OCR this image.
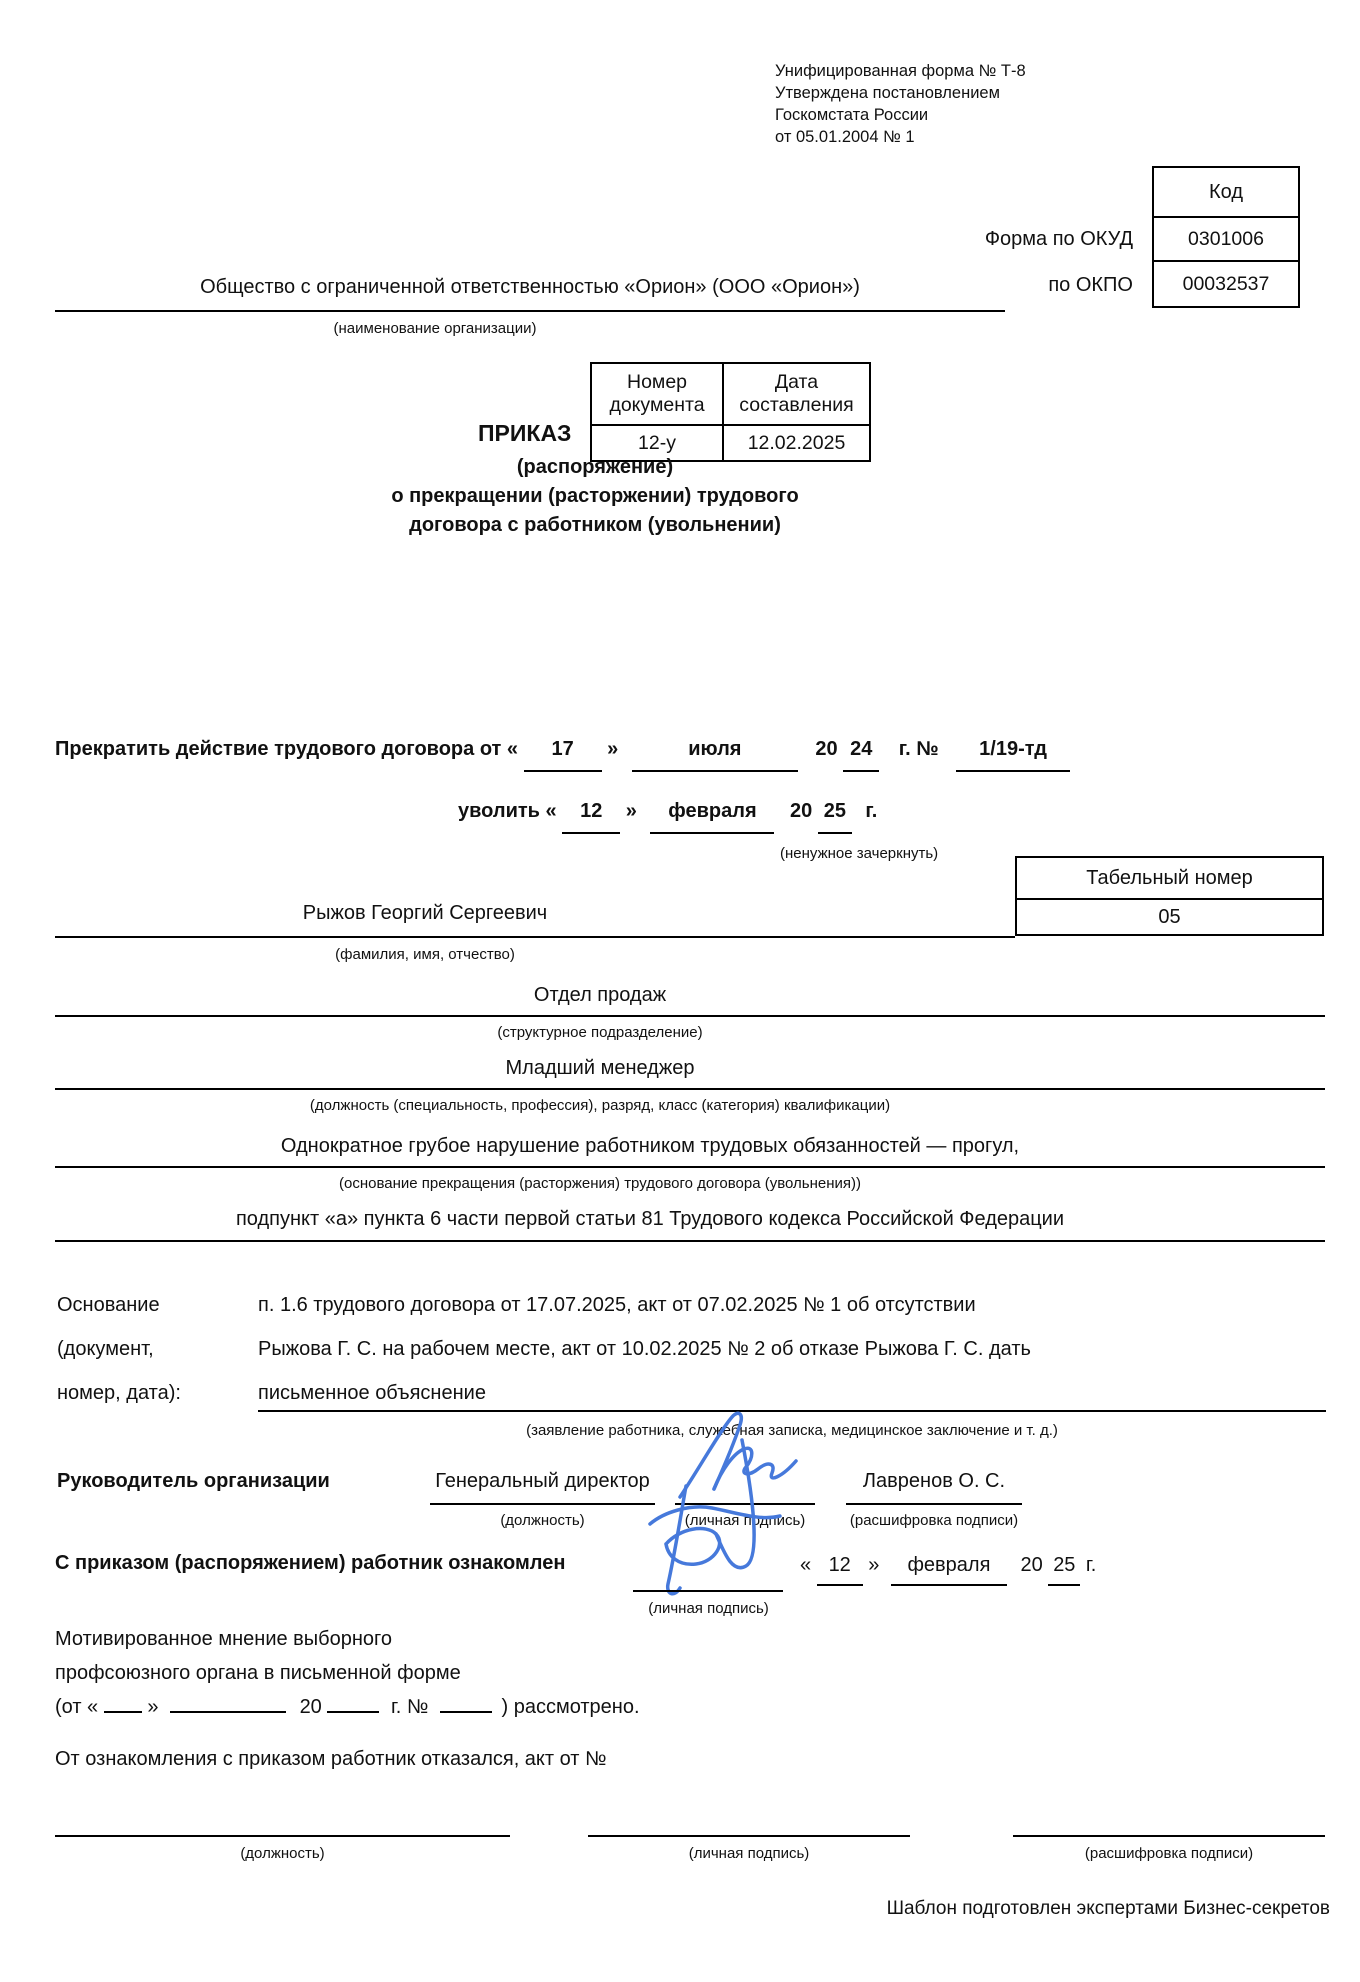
Унифицированная форма № Т-8
Утверждена постановлением
Госкомстата России
от 05.01.2004 № 1
Код
0301006
00032537
Форма по ОКУД
по ОКПО
Общество с ограниченной ответственностью «Орион» (ООО «Орион»)
(наименование организации)
ПРИКАЗ
Номер документа	Дата составления
12-у	12.02.2025
(распоряжение)
о прекращении (расторжении) трудового
договора с работником (увольнении)
Прекратить действие трудового договора от « 17 »	июля	20 24 г. № 1/19-тд
уволить « 12 » февраля 20 25 г.
(ненужное зачеркнуть)
Табельный номер
05
Рыжов Георгий Сергеевич
(фамилия, имя, отчество)
Отдел продаж
(структурное подразделение)
Младший менеджер
(должность (специальность, профессия), разряд, класс (категория) квалификации)
Однократное грубое нарушение работником трудовых обязанностей — прогул,
(основание прекращения (расторжения) трудового договора (увольнения))
подпункт «а» пункта 6 части первой статьи 81 Трудового кодекса Российской Федерации
Основание
(документ,
номер, дата):
п. 1.6 трудового договора от 17.07.2025, акт от 07.02.2025 № 1 об отсутствии
Рыжова Г. С. на рабочем месте, акт от 10.02.2025 № 2 об отказе Рыжова Г. С. дать
письменное объяснение
(заявление работника, служебная записка, медицинское заключение и т. д.)
Руководитель организации	Генеральный директор
(должность)	(личная подпись)
Лавренов О. С.
(расшифровка подписи)
С приказом (распоряжением) работник ознакомлен
(личная подпись)
« 12 » февраля 20 25 г.
Мотивированное мнение выборного
профсоюзного органа в письменной форме
(от « »	20	г. №	) рассмотрено.
От ознакомления с приказом работник отказался, акт от №
(должность)	(личная подпись)	(расшифровка подписи)
Шаблон подготовлен экспертами Бизнес-секретов
